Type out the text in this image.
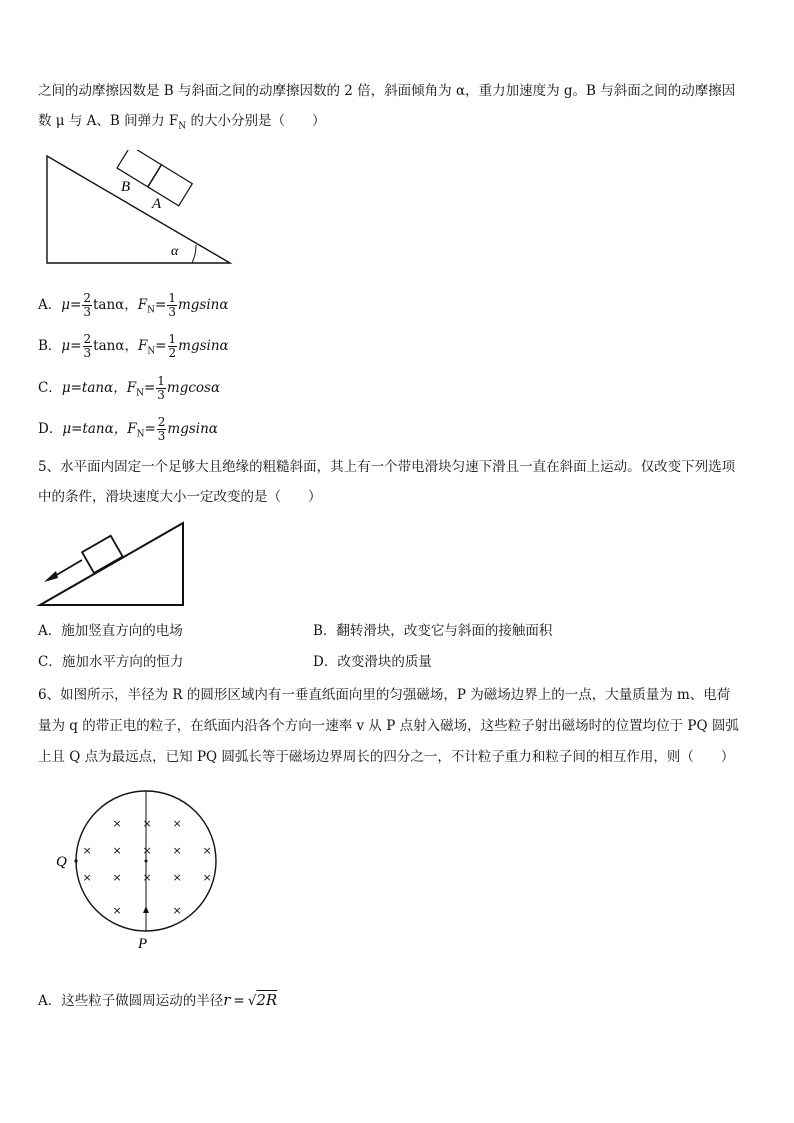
之间的动摩擦因数是 B 与斜面之间的动摩擦因数的 2 倍，斜面倾角为 α，重力加速度为 g。B 与斜面之间的动摩擦因
数 μ 与 A、B 间弹力 $F_N$ 的大小分别是（　　）
B
A
α
A．$\mu= \frac{2}{3}$ tanα，$F_N= \frac{1}{3}$ mgsinα
B．$\mu= \frac{2}{3}$ tanα，$F_N= \frac{1}{2}$ mgsinα
C．μ=tanα，$F_N= \frac{1}{3}$ mgcosα
D．μ=tanα，$F_N= \frac{2}{3}$ mgsinα
5、水平面内固定一个足够大且绝缘的粗糙斜面，其上有一个带电滑块匀速下滑且一直在斜面上运动。仅改变下列选项
中的条件，滑块速度大小一定改变的是（　　）
A．施加竖直方向的电场	B．翻转滑块，改变它与斜面的接触面积
C．施加水平方向的恒力	D．改变滑块的质量
6、如图所示，半径为 R 的圆形区域内有一垂直纸面向里的匀强磁场，P 为磁场边界上的一点，大量质量为 m、电荷
量为 q 的带正电的粒子，在纸面内沿各个方向一速率 v 从 P 点射入磁场，这些粒子射出磁场时的位置均位于 PQ 圆弧
上且 Q 点为最远点，已知 PQ 圆弧长等于磁场边界周长的四分之一，不计粒子重力和粒子间的相互作用，则（　　）
× × ×
× × × × ×
× × × × ×
×	×
Q
P
A．这些粒子做圆周运动的半径r = √2R
